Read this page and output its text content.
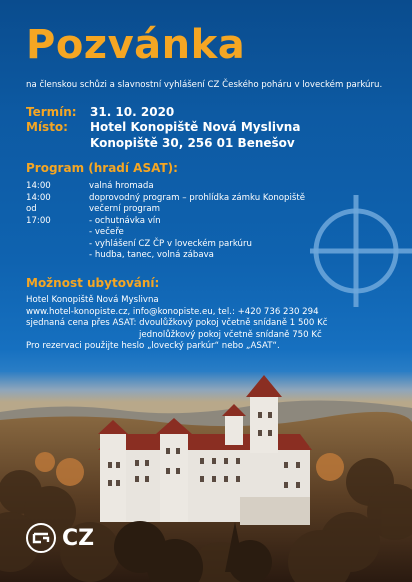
Pozvánka
na členskou schůzi a slavnostní vyhlášení CZ Českého poháru v loveckém parkúru.
Termín: 31. 10. 2020
Místo: Hotel Konopiště Nová Myslivna
Konopiště 30, 256 01 Benešov
Program (hradí ASAT):
14:00	valná hromada
14:00	doprovodný program – prohlídka zámku Konopiště
od 17:00
večerní program
- ochutnávka vín
- večeře
- vyhlášení CZ ČP v loveckém parkúru
- hudba, tanec, volná zábava
Možnost ubytování:
Hotel Konopiště Nová Myslivna
www.hotel-konopiste.cz, info@konopiste.eu, tel.: +420 736 230 294
sjednaná cena přes ASAT: dvoulůžkový pokoj včetně snídaně 1 500 Kč
jednolůžkový pokoj včetně snídaně 750 Kč
Pro rezervaci použijte heslo „lovecký parkúr“ nebo „ASAT“.
CZ
